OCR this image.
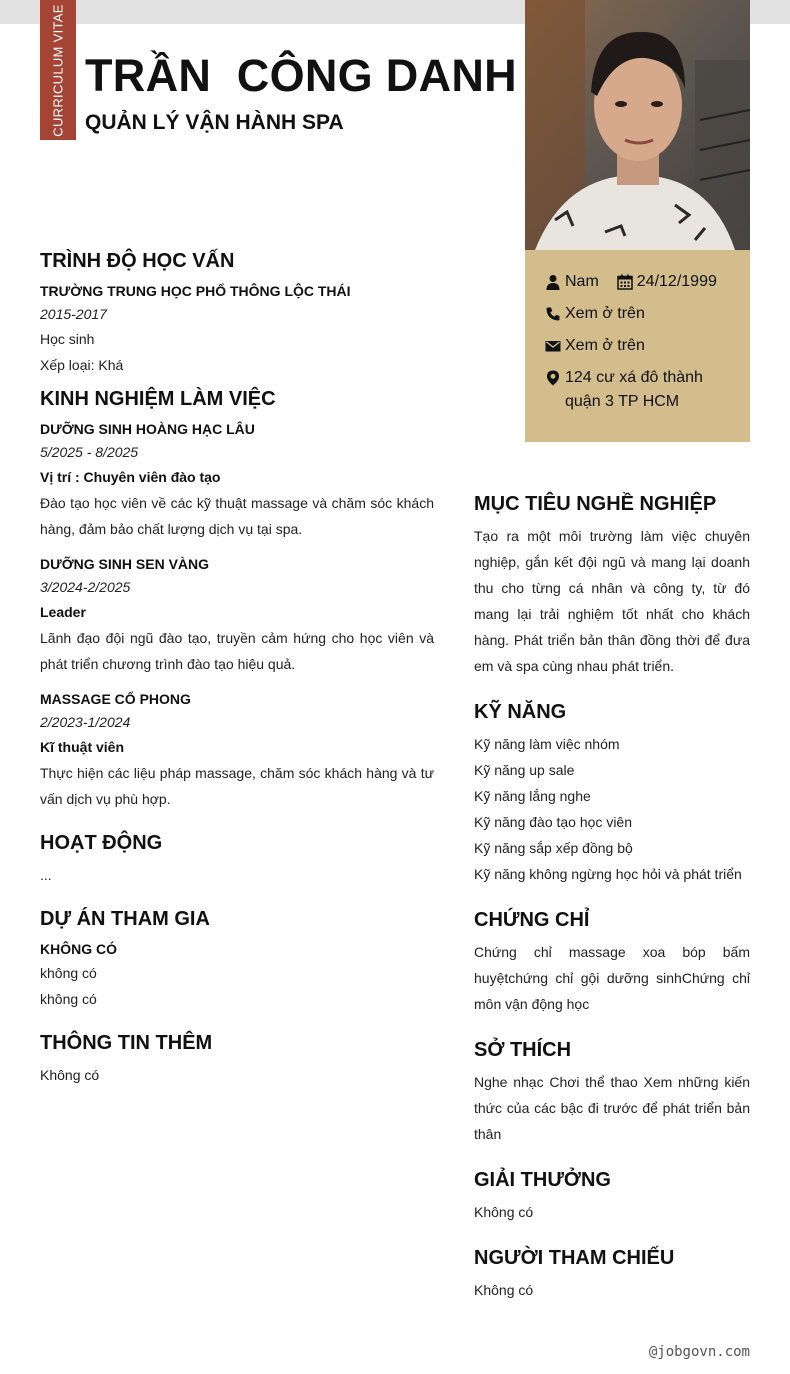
CURRICULUM VITAE TRẦN  CÔNG DANH
QUẢN LÝ VẬN HÀNH SPA
Nam 24/12/1999
Xem ở trên
Xem ở trên
124 cư xá đô thành
quận 3 TP HCM
TRÌNH ĐỘ HỌC VẤN
TRƯỜNG TRUNG HỌC PHỔ THÔNG LỘC THÁI
2015-2017
Học sinh
Xếp loại: Khá
KINH NGHIỆM LÀM VIỆC
DƯỠNG SINH HOÀNG HẠC LÂU
5/2025 - 8/2025
Vị trí : Chuyên viên đào tạo
Đào tạo học viên về các kỹ thuật massage và chăm sóc khách hàng, đảm bảo chất lượng dịch vụ tại spa.
DƯỠNG SINH SEN VÀNG
3/2024-2/2025
Leader
Lãnh đạo đội ngũ đào tạo, truyền cảm hứng cho học viên và phát triển chương trình đào tạo hiệu quả.
MASSAGE CỔ PHONG
2/2023-1/2024
Kĩ thuật viên
Thực hiện các liệu pháp massage, chăm sóc khách hàng và tư vấn dịch vụ phù hợp.
HOẠT ĐỘNG
...
DỰ ÁN THAM GIA
KHÔNG CÓ
không có
không có
THÔNG TIN THÊM
Không có
MỤC TIÊU NGHỀ NGHIỆP
Tạo ra một môi trường làm việc chuyên nghiệp, gắn kết đội ngũ và mang lại doanh thu cho từng cá nhân và công ty, từ đó mang lại trải nghiệm tốt nhất cho khách hàng. Phát triển bản thân đồng thời để đưa em và spa cùng nhau phát triển.
KỸ NĂNG
Kỹ năng làm việc nhóm
Kỹ năng up sale
Kỹ năng lắng nghe
Kỹ năng đào tạo học viên
Kỹ năng sắp xếp đồng bộ
Kỹ năng không ngừng học hỏi và phát triển
CHỨNG CHỈ
Chứng chỉ massage xoa bóp bấm huyệtchứng chỉ gội dưỡng sinhChứng chỉ môn vận động học
SỞ THÍCH
Nghe nhạc Chơi thể thao Xem những kiến thức của các bậc đi trước để phát triển bản thân
GIẢI THƯỞNG
Không có
NGƯỜI THAM CHIẾU
Không có
@jobgovn.com
